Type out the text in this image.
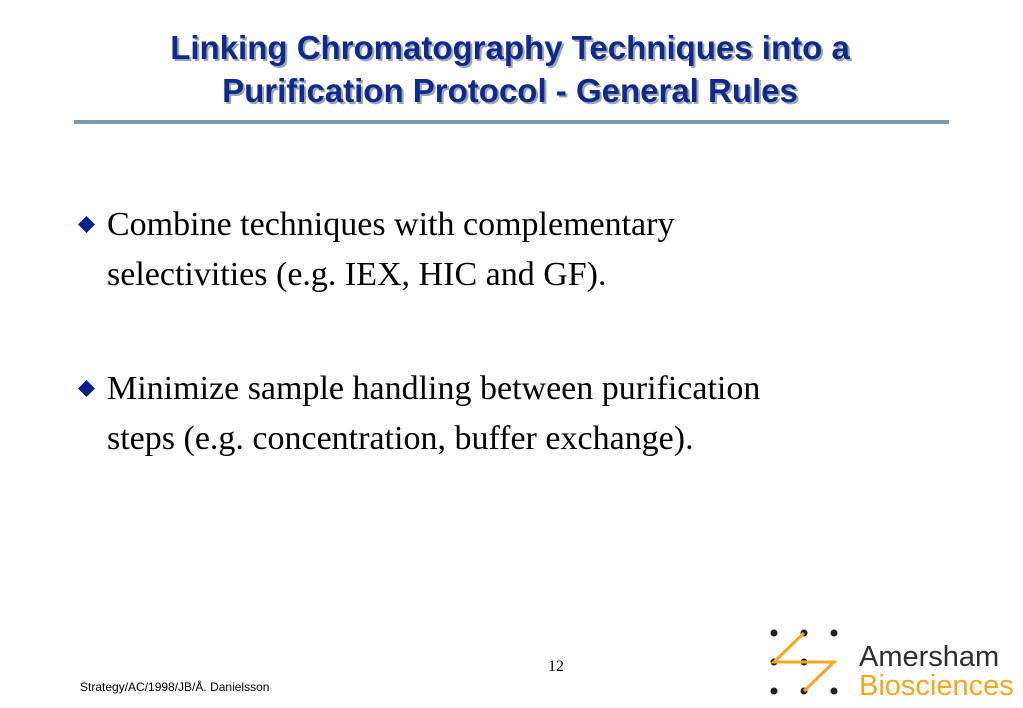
Linking Chromatography Techniques into a
Purification Protocol - General Rules
Combine techniques with complementary
selectivities (e.g. IEX, HIC and GF).
Minimize sample handling between purification
steps (e.g. concentration, buffer exchange).
12
Strategy/AC/1998/JB/Å. Danielsson
Amersham
Biosciences
